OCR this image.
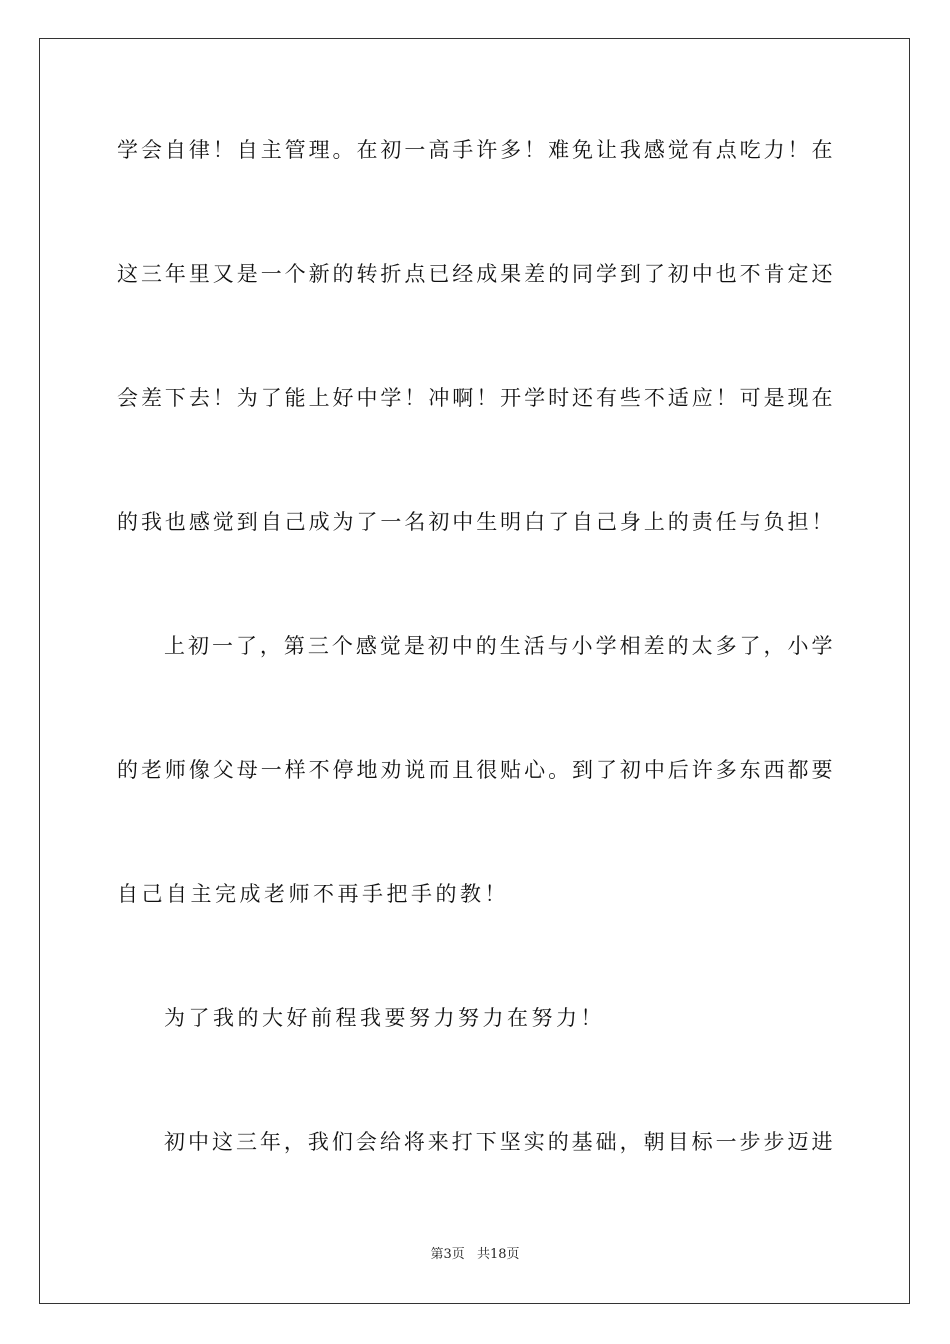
学会自律！自主管理。在初一高手许多！难免让我感觉有点吃力！在
这三年里又是一个新的转折点已经成果差的同学到了初中也不肯定还
会差下去！为了能上好中学！冲啊！开学时还有些不适应！可是现在
的我也感觉到自己成为了一名初中生明白了自己身上的责任与负担！
上初一了，第三个感觉是初中的生活与小学相差的太多了，小学
的老师像父母一样不停地劝说而且很贴心。到了初中后许多东西都要
自己自主完成老师不再手把手的教！
为了我的大好前程我要努力努力在努力！
初中这三年，我们会给将来打下坚实的基础，朝目标一步步迈进
第3页 共18页
